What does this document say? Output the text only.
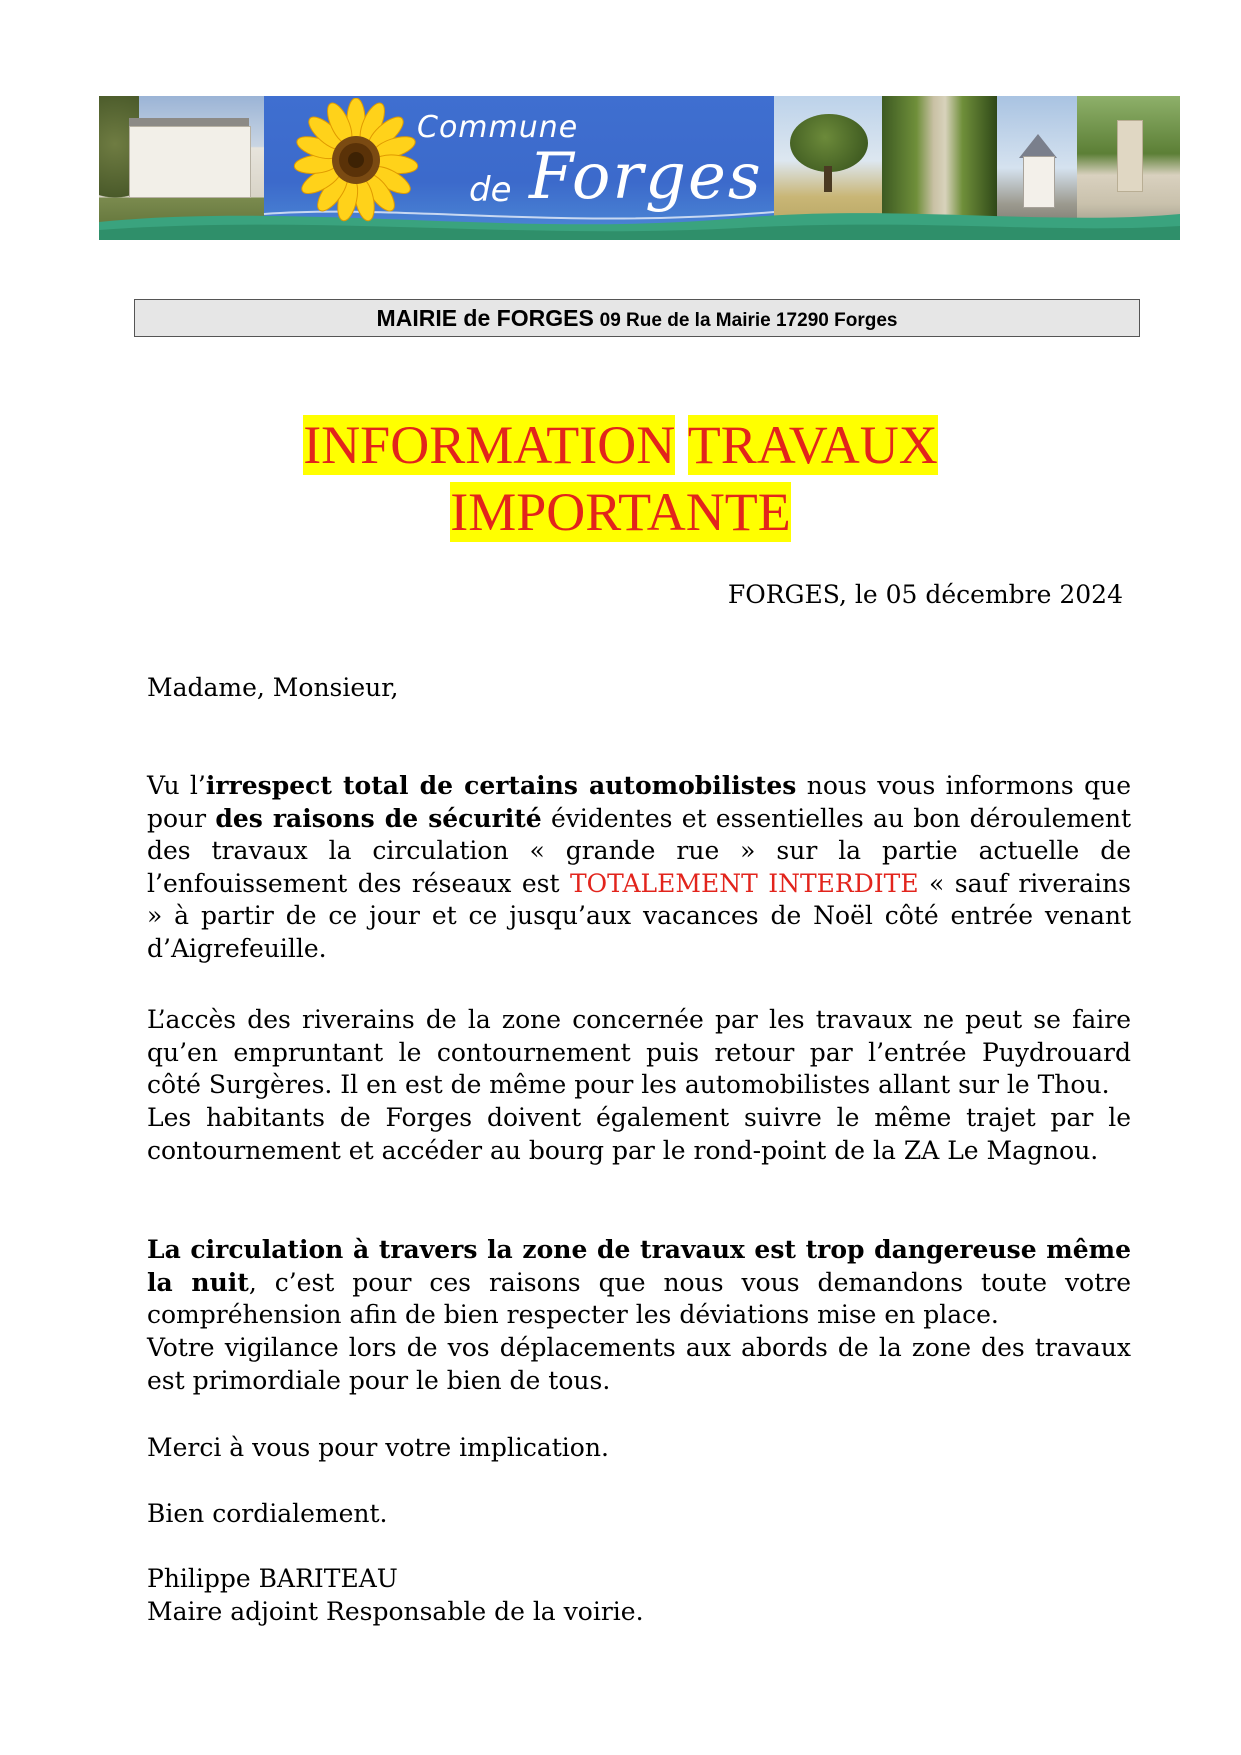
Commune
de Forges
MAIRIE de FORGES 09 Rue de la Mairie 17290 Forges
INFORMATION TRAVAUX
IMPORTANTE

FORGES, le 05 décembre 2024

Madame, Monsieur,

Vu l’irrespect total de certains automobilistes nous vous informons que pour des raisons de sécurité évidentes et essentielles au bon déroulement des travaux la circulation « grande rue » sur la partie actuelle de l’enfouissement des réseaux est TOTALEMENT INTERDITE « sauf riverains » à partir de ce jour et ce jusqu’aux vacances de Noël côté entrée venant d’Aigrefeuille.

L’accès des riverains de la zone concernée par les travaux ne peut se faire qu’en empruntant le contournement puis retour par l’entrée Puydrouard côté Surgères. Il en est de même pour les automobilistes allant sur le Thou.

Les habitants de Forges doivent également suivre le même trajet par le contournement et accéder au bourg par le rond-point de la ZA Le Magnou.

La circulation à travers la zone de travaux est trop dangereuse même la nuit, c’est pour ces raisons que nous vous demandons toute votre compréhension afin de bien respecter les déviations mise en place.

Votre vigilance lors de vos déplacements aux abords de la zone des travaux est primordiale pour le bien de tous.

Merci à vous pour votre implication.

Bien cordialement.

Philippe BARITEAU

Maire adjoint Responsable de la voirie.
